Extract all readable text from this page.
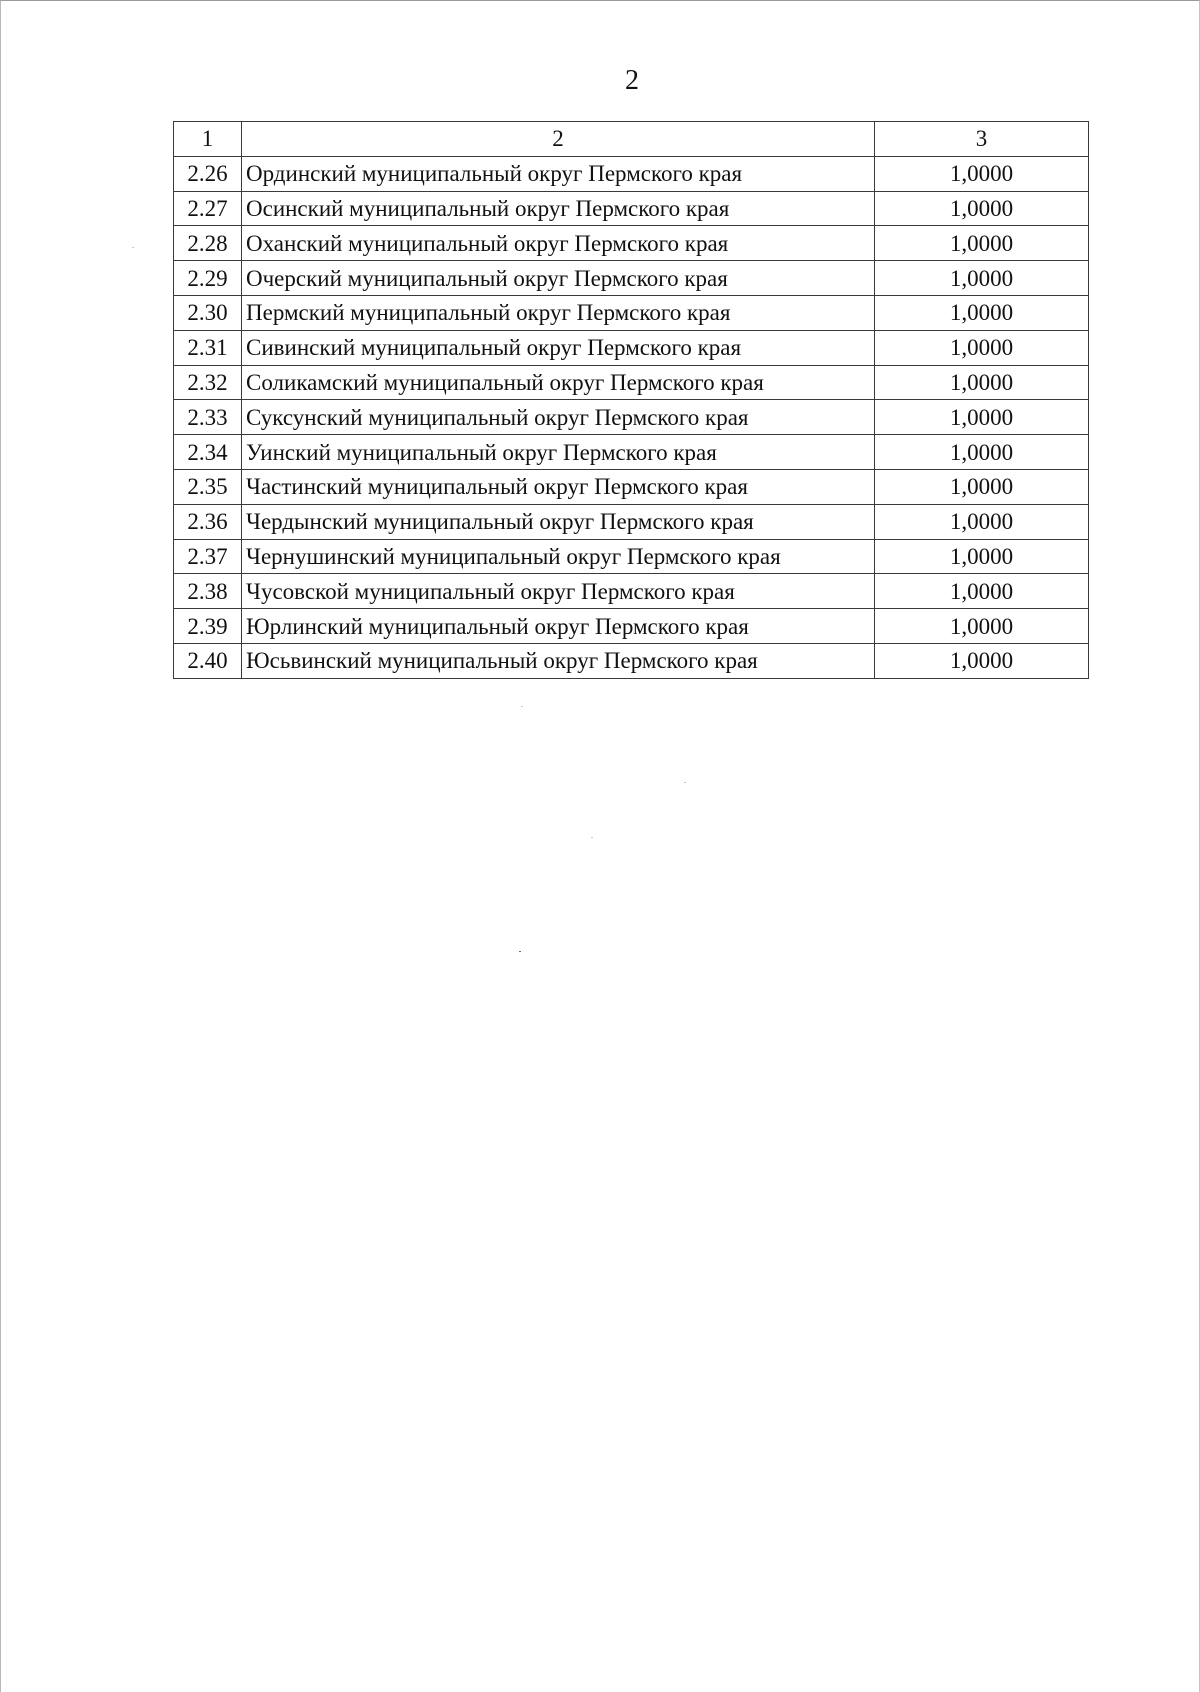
2
1	2	3
2.26	Ординский муниципальный округ Пермского края	1,0000
2.27	Осинский муниципальный округ Пермского края	1,0000
2.28	Оханский муниципальный округ Пермского края	1,0000
2.29	Очерский муниципальный округ Пермского края	1,0000
2.30	Пермский муниципальный округ Пермского края	1,0000
2.31	Сивинский муниципальный округ Пермского края	1,0000
2.32	Соликамский муниципальный округ Пермского края	1,0000
2.33	Суксунский муниципальный округ Пермского края	1,0000
2.34	Уинский муниципальный округ Пермского края	1,0000
2.35	Частинский муниципальный округ Пермского края	1,0000
2.36	Чердынский муниципальный округ Пермского края	1,0000
2.37	Чернушинский муниципальный округ Пермского края	1,0000
2.38	Чусовской муниципальный округ Пермского края	1,0000
2.39	Юрлинский муниципальный округ Пермского края	1,0000
2.40	Юсьвинский муниципальный округ Пермского края	1,0000
